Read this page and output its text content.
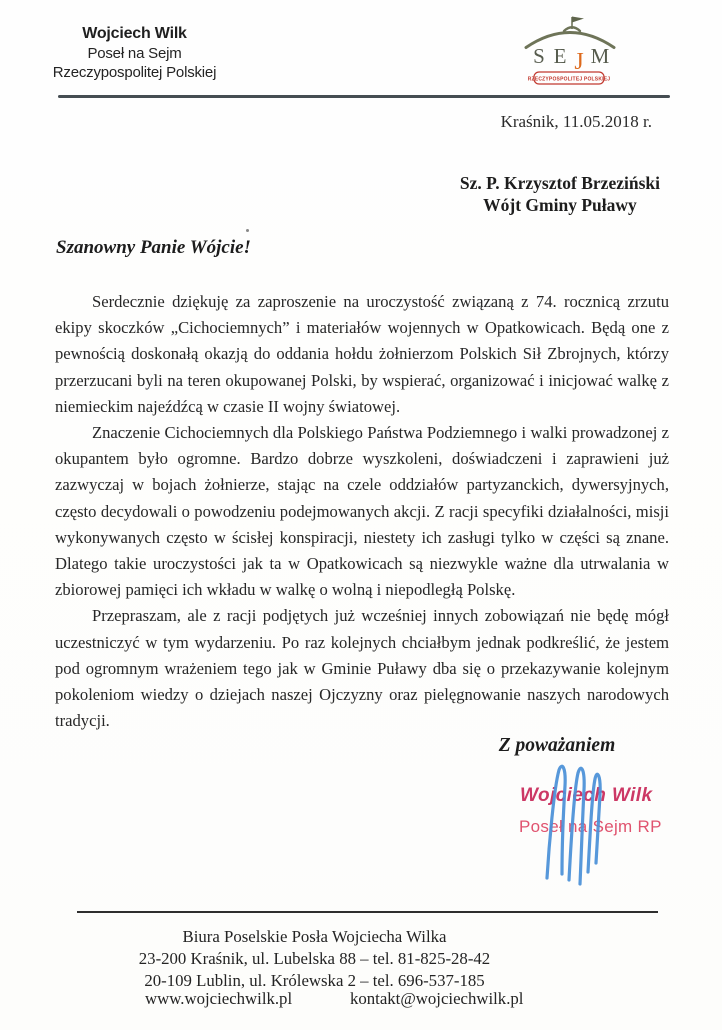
Wojciech Wilk
Poseł na Sejm
Rzeczypospolitej Polskiej
S E J M
RZECZYPOSPOLITEJ POLSKIEJ
Kraśnik, 11.05.2018 r.
Sz. P. Krzysztof Brzeziński
Wójt Gminy Puławy
Szanowny Panie Wójcie!

Serdecznie dziękuję za zaproszenie na uroczystość związaną z 74. rocznicą zrzutu ekipy skoczków „Cichociemnych” i materiałów wojennych w Opatkowicach. Będą one z pewnością doskonałą okazją do oddania hołdu żołnierzom Polskich Sił Zbrojnych, którzy przerzucani byli na teren okupowanej Polski, by wspierać, organizować i inicjować walkę z niemieckim najeźdźcą w czasie II wojny światowej.

Znaczenie Cichociemnych dla Polskiego Państwa Podziemnego i walki prowadzonej z okupantem było ogromne. Bardzo dobrze wyszkoleni, doświadczeni i zaprawieni już zazwyczaj w bojach żołnierze, stając na czele oddziałów partyzanckich, dywersyjnych, często decydowali o powodzeniu podejmowanych akcji. Z racji specyfiki działalności, misji wykonywanych często w ścisłej konspiracji, niestety ich zasługi tylko w części są znane. Dlatego takie uroczystości jak ta w Opatkowicach są niezwykle ważne dla utrwalania w zbiorowej pamięci ich wkładu w walkę o wolną i niepodległą Polskę.

Przepraszam, ale z racji podjętych już wcześniej innych zobowiązań nie będę mógł uczestniczyć w tym wydarzeniu. Po raz kolejnych chciałbym jednak podkreślić, że jestem pod ogromnym wrażeniem tego jak w Gminie Puławy dba się o przekazywanie kolejnym pokoleniom wiedzy o dziejach naszej Ojczyzny oraz pielęgnowanie naszych narodowych tradycji.

Z poważaniem
Wojciech Wilk
Poseł na Sejm RP
Biura Poselskie Posła Wojciecha Wilka
23-200 Kraśnik, ul. Lubelska 88 – tel. 81-825-28-42
20-109 Lublin, ul. Królewska 2 – tel. 696-537-185
www.wojciechwilk.pl	kontakt@wojciechwilk.pl
